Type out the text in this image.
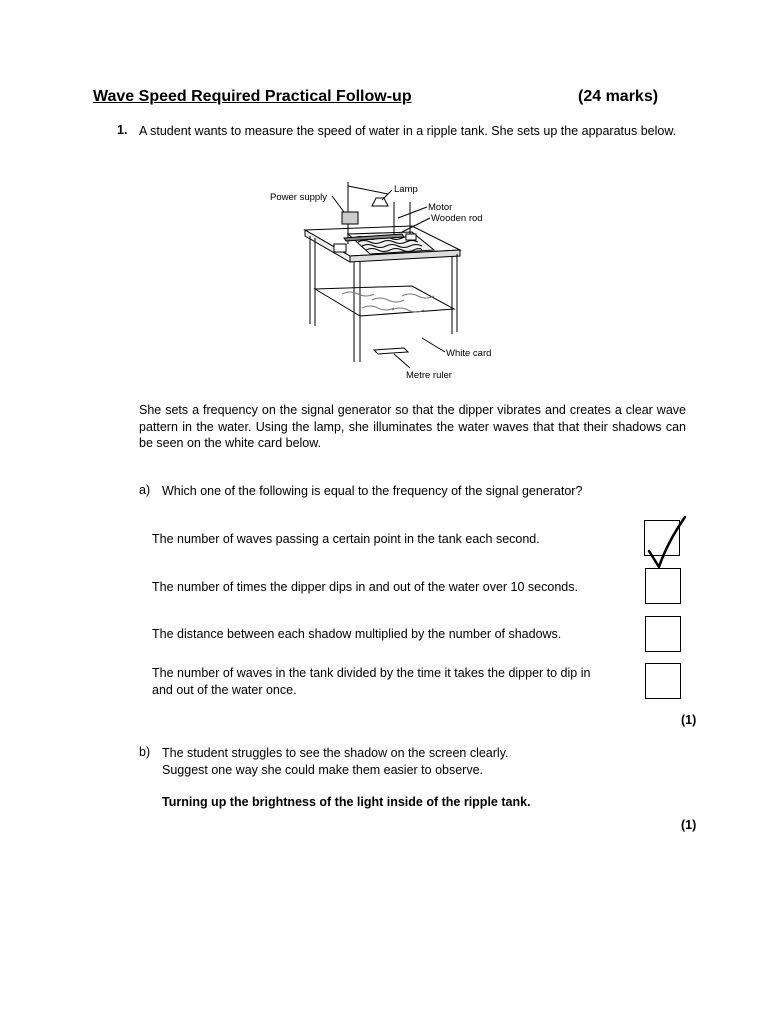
Wave Speed Required Practical Follow-up	(24 marks)
1. A student wants to measure the speed of water in a ripple tank. She sets up the apparatus below.
Power supply
Lamp
Motor
Wooden rod
White card
Metre ruler
She sets a frequency on the signal generator so that the dipper vibrates and creates a clear wave pattern in the water. Using the lamp, she illuminates the water waves that that their shadows can be seen on the white card below.
a) Which one of the following is equal to the frequency of the signal generator?
The number of waves passing a certain point in the tank each second.
The number of times the dipper dips in and out of the water over 10 seconds.
The distance between each shadow multiplied by the number of shadows.
The number of waves in the tank divided by the time it takes the dipper to dip in and out of the water once.
(1)
b) The student struggles to see the shadow on the screen clearly.
Suggest one way she could make them easier to observe.
Turning up the brightness of the light inside of the ripple tank.
(1)
